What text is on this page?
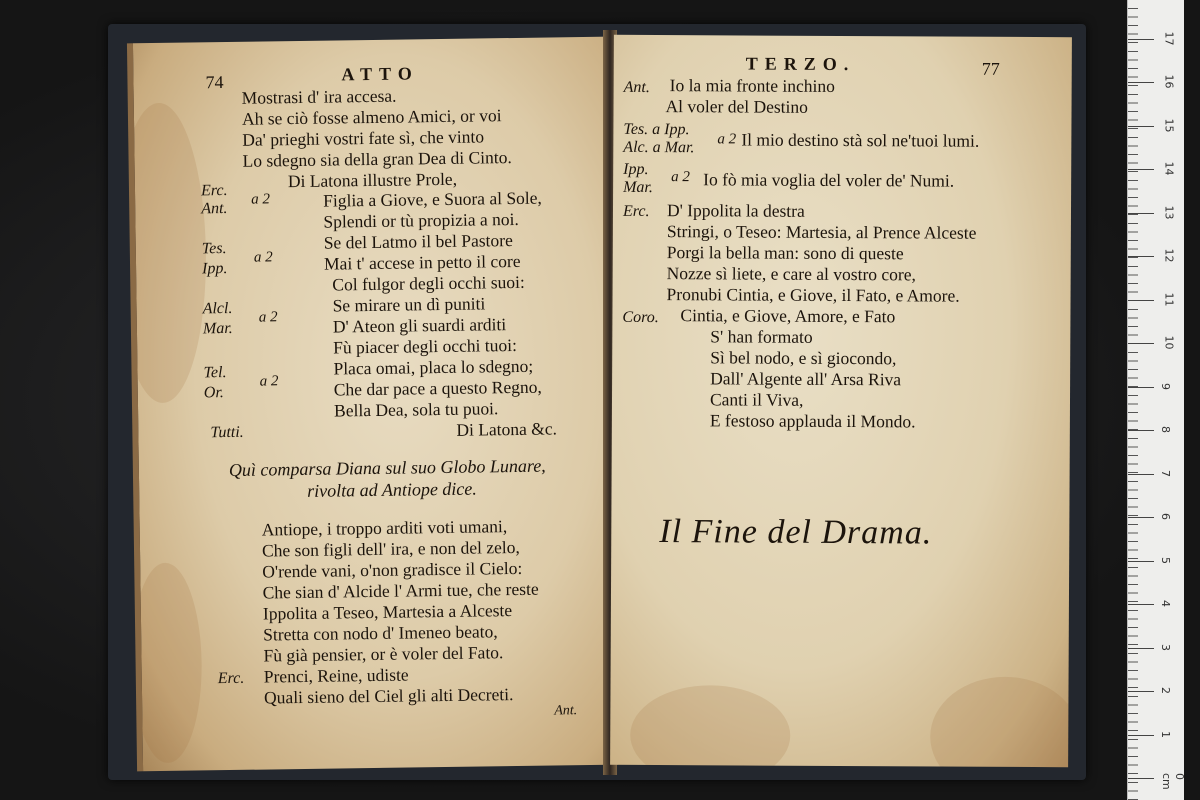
74	ATTO
Mostrasi d' ira accesa.
Ah se ciò fosse almeno Amici, or voi
Da' prieghi vostri fate sì, che vinto
Lo sdegno sia della gran Dea di Cinto.
Di Latona illustre Prole,
Figlia a Giove, e Suora al Sole,
Splendi or tù propizia a noi.
Se del Latmo il bel Pastore
Mai t' accese in petto il core
Col fulgor degli occhi suoi:
Se mirare un dì puniti
D' Ateon gli suardi arditi
Fù piacer degli occhi tuoi:
Placa omai, placa lo sdegno;
Che dar pace a questo Regno,
Bella Dea, sola tu puoi.
Di Latona &c.
Erc.
Ant.
a 2
Tes.
Ipp.
a 2
Alcl.
Mar.
a 2
Tel.
Or.
a 2
Tutti.
Quì comparsa Diana sul suo Globo Lunare,
rivolta ad Antiope dice.
Antiope, i troppo arditi voti umani,
Che son figli dell' ira, e non del zelo,
O'rende vani, o'non gradisce il Cielo:
Che sian d' Alcide l' Armi tue, che reste
Ippolita a Teseo, Martesia a Alceste
Stretta con nodo d' Imeneo beato,
Fù già pensier, or è voler del Fato.
Erc. Prenci, Reine, udiste
Quali sieno del Ciel gli alti Decreti.
Ant.
TERZO.	77
Ant. Io la mia fronte inchino
Al voler del Destino
Tes. a Ipp.
Alc. a Mar. a 2 Il mio destino stà sol ne'tuoi lumi.
Ipp.
Mar.
a 2 Io fò mia voglia del voler de' Numi.
Erc. D' Ippolita la destra
Stringi, o Teseo: Martesia, al Prence Alceste
Porgi la bella man: sono di queste
Nozze sì liete, e care al vostro core,
Pronubi Cintia, e Giove, il Fato, e Amore.
Coro. Cintia, e Giove, Amore, e Fato
S' han formato
Sì bel nodo, e sì giocondo,
Dall' Algente all' Arsa Riva
Canti il Viva,
E festoso applauda il Mondo.
Il Fine del Drama.
0 cm
1
2
3
4
5
6
7
8
9
10
11
12
13
14
15
16
17
